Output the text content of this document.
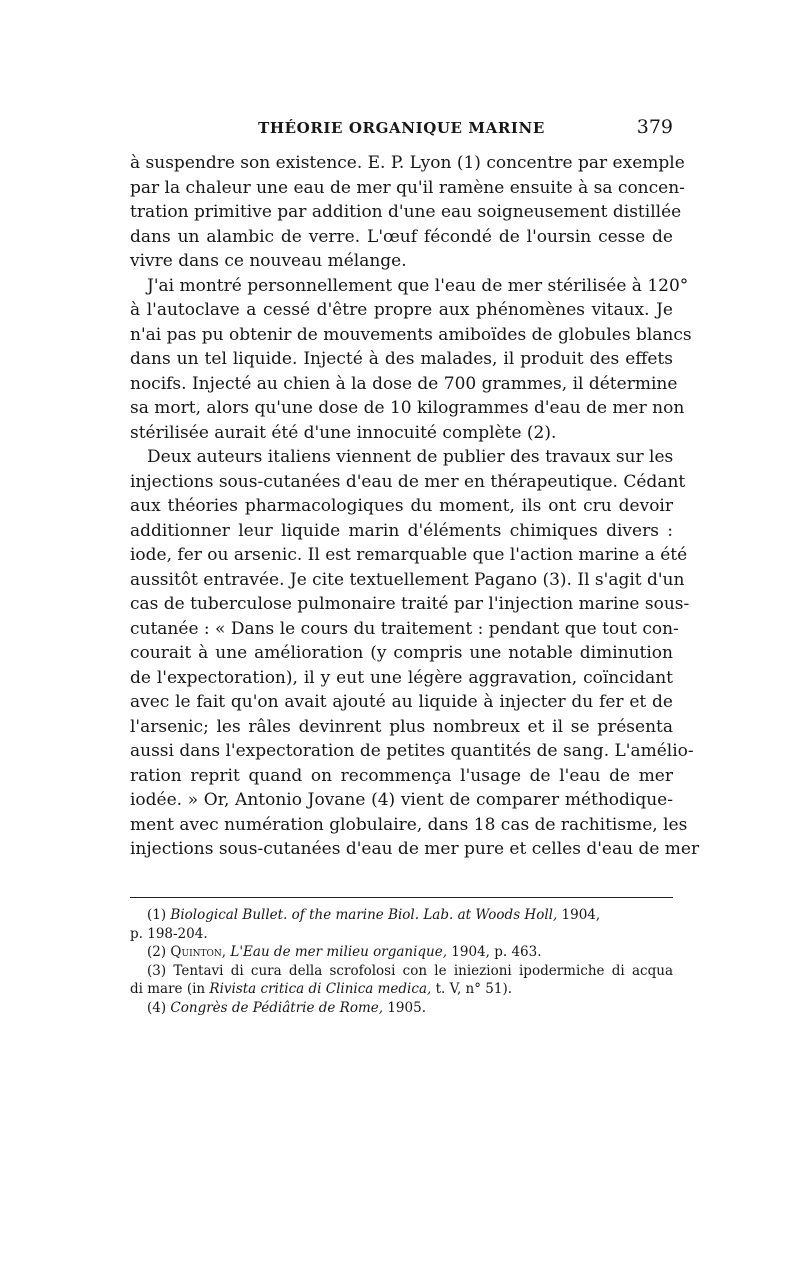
THÉORIE ORGANIQUE MARINE	379
à suspendre son existence. E. P. Lyon (1) concentre par exemple
par la chaleur une eau de mer qu'il ramène ensuite à sa concen-
tration primitive par addition d'une eau soigneusement distillée
dans un alambic de verre. L'œuf fécondé de l'oursin cesse de
vivre dans ce nouveau mélange.
J'ai montré personnellement que l'eau de mer stérilisée à 120°
à l'autoclave a cessé d'être propre aux phénomènes vitaux. Je
n'ai pas pu obtenir de mouvements amiboïdes de globules blancs
dans un tel liquide. Injecté à des malades, il produit des effets
nocifs. Injecté au chien à la dose de 700 grammes, il détermine
sa mort, alors qu'une dose de 10 kilogrammes d'eau de mer non
stérilisée aurait été d'une innocuité complète (2).
Deux auteurs italiens viennent de publier des travaux sur les
injections sous-cutanées d'eau de mer en thérapeutique. Cédant
aux théories pharmacologiques du moment, ils ont cru devoir
additionner leur liquide marin d'éléments chimiques divers :
iode, fer ou arsenic. Il est remarquable que l'action marine a été
aussitôt entravée. Je cite textuellement Pagano (3). Il s'agit d'un
cas de tuberculose pulmonaire traité par l'injection marine sous-
cutanée : « Dans le cours du traitement : pendant que tout con-
courait à une amélioration (y compris une notable diminution
de l'expectoration), il y eut une légère aggravation, coïncidant
avec le fait qu'on avait ajouté au liquide à injecter du fer et de
l'arsenic; les râles devinrent plus nombreux et il se présenta
aussi dans l'expectoration de petites quantités de sang. L'amélio-
ration reprit quand on recommença l'usage de l'eau de mer
iodée. » Or, Antonio Jovane (4) vient de comparer méthodique-
ment avec numération globulaire, dans 18 cas de rachitisme, les
injections sous-cutanées d'eau de mer pure et celles d'eau de mer
(1) Biological Bullet. of the marine Biol. Lab. at Woods Holl, 1904,
p. 198-204.
(2) Quinton, L'Eau de mer milieu organique, 1904, p. 463.
(3) Tentavi di cura della scrofolosi con le iniezioni ipodermiche di acqua
di mare (in Rivista critica di Clinica medica, t. V, n° 51).
(4) Congrès de Pédiâtrie de Rome, 1905.
